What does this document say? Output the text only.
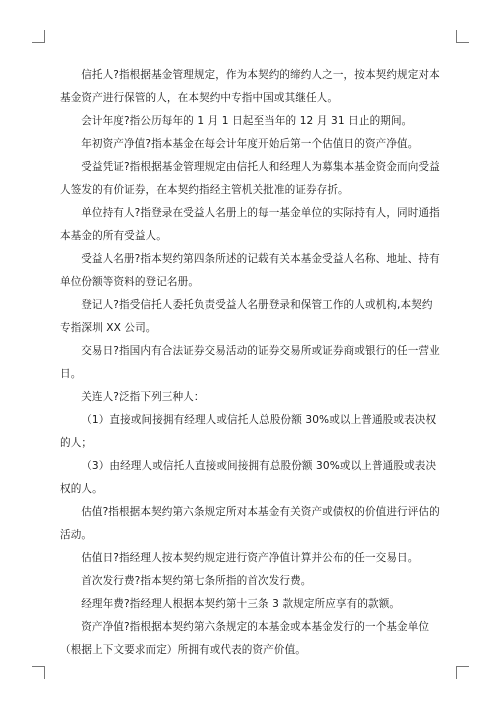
信托人?指根据基金管理规定，作为本契约的缔约人之一，按本契约规定对本基金资产进行保管的人，在本契约中专指中国或其继任人。

会计年度?指公历每年的 1 月 1 日起至当年的 12 月 31 日止的期间。

年初资产净值?指本基金在每会计年度开始后第一个估值日的资产净值。

受益凭证?指根据基金管理规定由信托人和经理人为募集本基金资金而向受益人签发的有价证券，在本契约指经主管机关批准的证券存折。

单位持有人?指登录在受益人名册上的每一基金单位的实际持有人，同时通指本基金的所有受益人。

受益人名册?指本契约第四条所述的记载有关本基金受益人名称、地址、持有单位份额等资料的登记名册。

登记人?指受信托人委托负责受益人名册登录和保管工作的人或机构,本契约专指深圳 XX 公司。

交易日?指国内有合法证券交易活动的证券交易所或证券商或银行的任一营业日。

关连人?泛指下列三种人：

（1）直接或间接拥有经理人或信托人总股份额 30%或以上普通股或表决权的人；

（3）由经理人或信托人直接或间接拥有总股份额 30%或以上普通股或表决权的人。

估值?指根据本契约第六条规定所对本基金有关资产或债权的价值进行评估的活动。

估值日?指经理人按本契约规定进行资产净值计算并公布的任一交易日。

首次发行费?指本契约第七条所指的首次发行费。

经理年费?指经理人根据本契约第十三条 3 款规定所应享有的款额。

资产净值?指根据本契约第六条规定的本基金或本基金发行的一个基金单位（根据上下文要求而定）所拥有或代表的资产价值。
